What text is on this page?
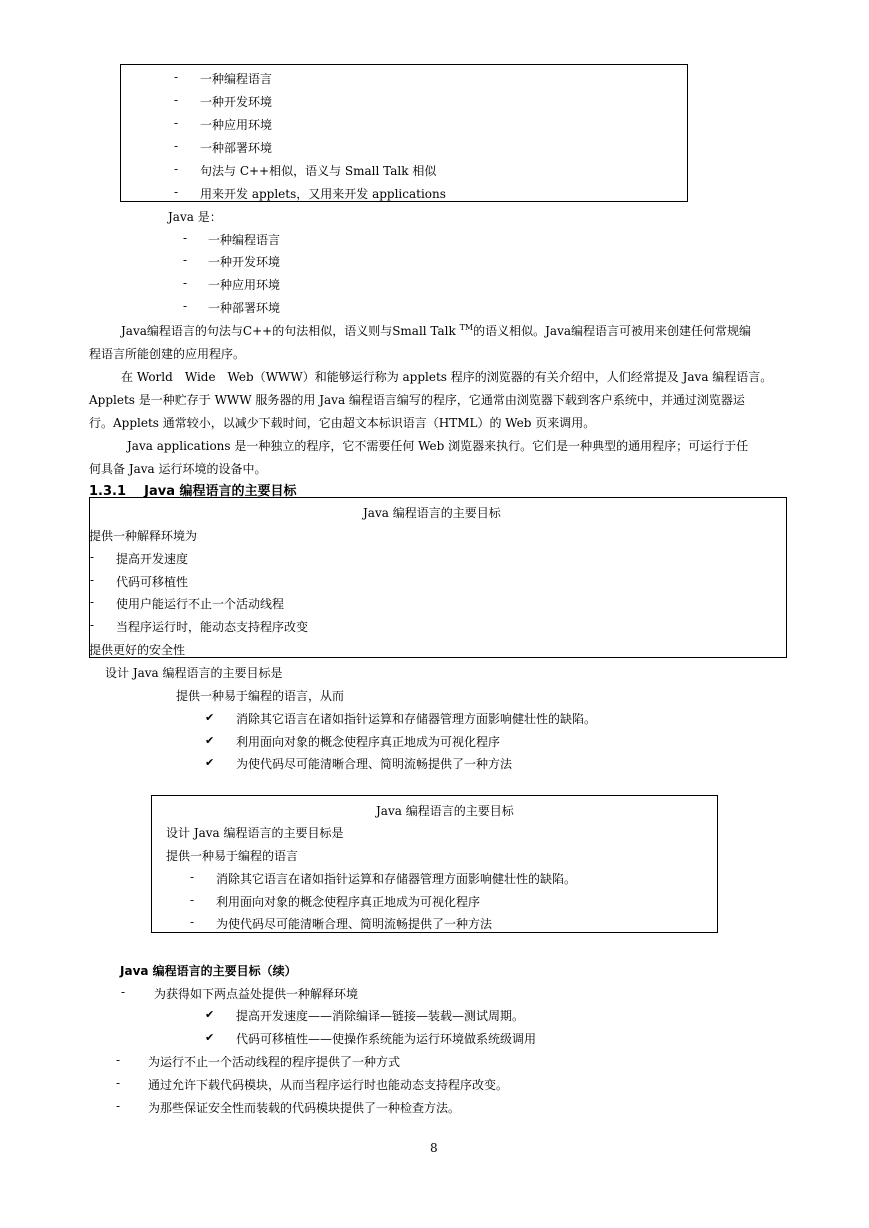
- 一种编程语言
- 一种开发环境
- 一种应用环境
- 一种部署环境
- 句法与 C++相似，语义与 Small Talk 相似
- 用来开发 applets，又用来开发 applications
Java 是：
- 一种编程语言
- 一种开发环境
- 一种应用环境
- 一种部署环境
Java编程语言的句法与C++的句法相似，语义则与Small Talk ™的语义相似。Java编程语言可被用来创建任何常规编
程语言所能创建的应用程序。
在 World　Wide　Web（WWW）和能够运行称为 applets 程序的浏览器的有关介绍中，人们经常提及 Java 编程语言。
Applets 是一种贮存于 WWW 服务器的用 Java 编程语言编写的程序，它通常由浏览器下载到客户系统中，并通过浏览器运
行。Applets 通常较小，以减少下载时间，它由超文本标识语言（HTML）的 Web 页来调用。
Java applications 是一种独立的程序，它不需要任何 Web 浏览器来执行。它们是一种典型的通用程序；可运行于任
何具备 Java 运行环境的设备中。
1.3.1 Java 编程语言的主要目标
Java 编程语言的主要目标
提供一种解释环境为
- 提高开发速度
- 代码可移植性
- 使用户能运行不止一个活动线程
- 当程序运行时，能动态支持程序改变
提供更好的安全性
设计 Java 编程语言的主要目标是
提供一种易于编程的语言，从而
✔ 消除其它语言在诸如指针运算和存储器管理方面影响健壮性的缺陷。
✔ 利用面向对象的概念使程序真正地成为可视化程序
✔ 为使代码尽可能清晰合理、简明流畅提供了一种方法
Java 编程语言的主要目标
设计 Java 编程语言的主要目标是
提供一种易于编程的语言
- 消除其它语言在诸如指针运算和存储器管理方面影响健壮性的缺陷。
- 利用面向对象的概念使程序真正地成为可视化程序
- 为使代码尽可能清晰合理、简明流畅提供了一种方法
Java 编程语言的主要目标（续）
- 为获得如下两点益处提供一种解释环境
✔ 提高开发速度——消除编译—链接—装载—测试周期。
✔ 代码可移植性——使操作系统能为运行环境做系统级调用
- 为运行不止一个活动线程的程序提供了一种方式
- 通过允许下载代码模块，从而当程序运行时也能动态支持程序改变。
- 为那些保证安全性而装载的代码模块提供了一种检查方法。
8
